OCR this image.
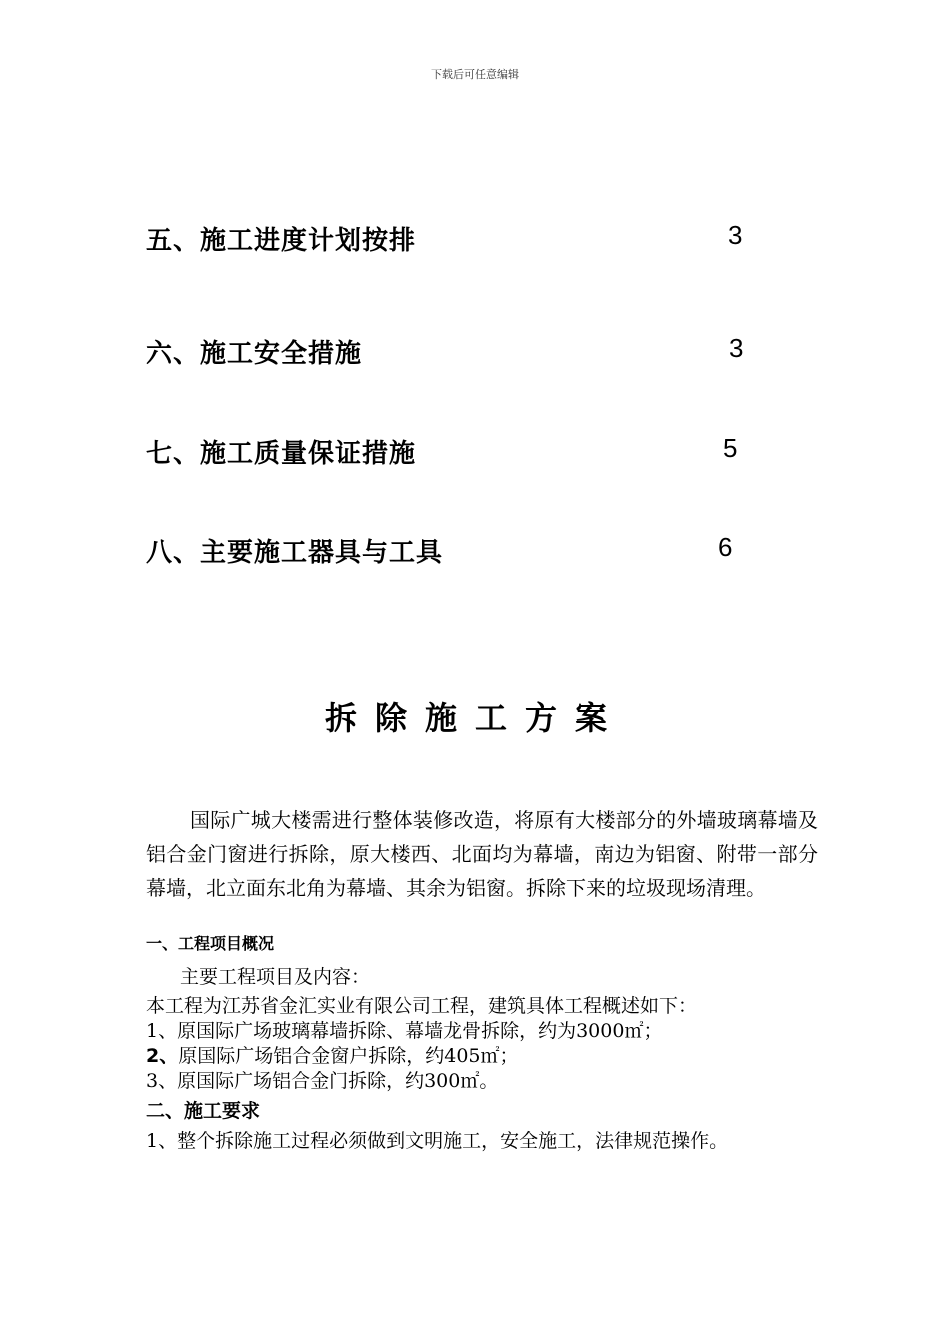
下载后可任意编辑
五、施工进度计划按排	3
六、施工安全措施	3
七、施工质量保证措施	5
八、主要施工器具与工具	6
拆除施工方案
国际广城大楼需进行整体装修改造，将原有大楼部分的外墙玻璃幕墙及铝合金门窗进行拆除，原大楼西、北面均为幕墙，南边为铝窗、附带一部分幕墙，北立面东北角为幕墙、其余为铝窗。拆除下来的垃圾现场清理。
一、工程项目概况
主要工程项目及内容：
本工程为江苏省金汇实业有限公司工程，建筑具体工程概述如下：
1、原国际广场玻璃幕墙拆除、幕墙龙骨拆除，约为3000㎡；
2、原国际广场铝合金窗户拆除，约405㎡；
3、原国际广场铝合金门拆除，约300㎡。
二、施工要求
1、整个拆除施工过程必须做到文明施工，安全施工，法律规范操作。
